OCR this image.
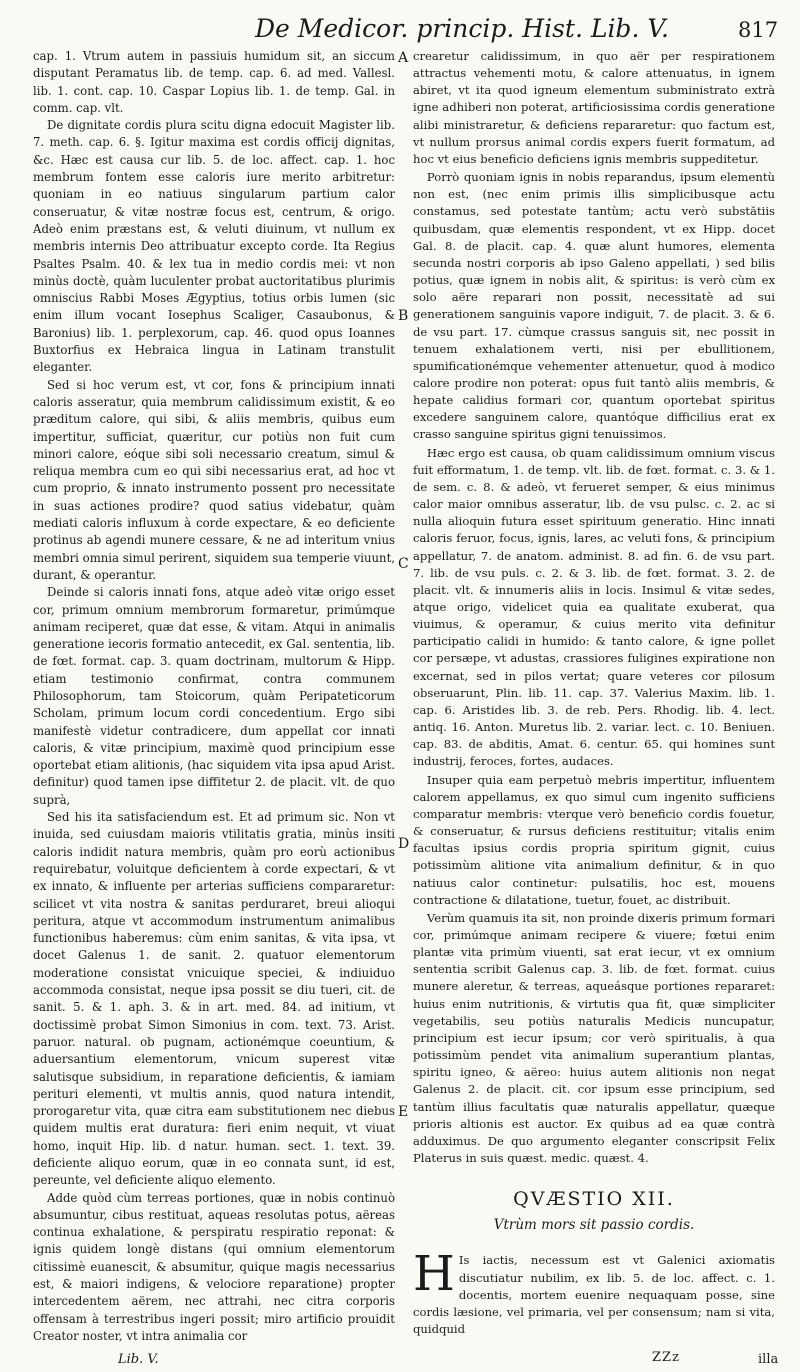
De Medicor. princip. Hist. Lib. V.	817

cap. 1. Vtrum autem in passiuis humidum sit, an siccum disputant Peramatus lib. de temp. cap. 6. ad med. Vallesl. lib. 1. cont. cap. 10. Caspar Lopius lib. 1. de temp. Gal. in comm. cap. vlt.

De dignitate cordis plura scitu digna edocuit Magister lib. 7. meth. cap. 6. §. Igitur maxima est cordis officij dignitas, &c. Hæc est causa cur lib. 5. de loc. affect. cap. 1. hoc membrum fontem esse caloris iure merito arbitretur: quoniam in eo natiuus singularum partium calor conseruatur, & vitæ nostræ focus est, centrum, & origo. Adeò enim præstans est, & veluti diuinum, vt nullum ex membris internis Deo attribuatur excepto corde. Ita Regius Psaltes Psalm. 40. & lex tua in medio cordis mei: vt non minùs doctè, quàm luculenter probat auctoritatibus plurimis omniscius Rabbi Moses Ægyptius, totius orbis lumen (sic enim illum vocant Iosephus Scaliger, Casaubonus, & Baronius) lib. 1. perplexorum, cap. 46. quod opus Ioannes Buxtorfius ex Hebraica lingua in Latinam transtulit eleganter.

Sed si hoc verum est, vt cor, fons & principium innati caloris asseratur, quia membrum calidissimum existit, & eo præditum calore, qui sibi, & aliis membris, quibus eum impertitur, sufficiat, quæritur, cur potiùs non fuit cum minori calore, eóque sibi soli necessario creatum, simul & reliqua membra cum eo qui sibi necessarius erat, ad hoc vt cum proprio, & innato instrumento possent pro necessitate in suas actiones prodire? quod satius videbatur, quàm mediati caloris influxum à corde expectare, & eo deficiente protinus ab agendi munere cessare, & ne ad interitum vnius membri omnia simul perirent, siquidem sua temperie viuunt, durant, & operantur.

Deinde si caloris innati fons, atque adeò vitæ origo esset cor, primum omnium membrorum formaretur, primúmque animam reciperet, quæ dat esse, & vitam. Atqui in animalis generatione iecoris formatio antecedit, ex Gal. sententia, lib. de fœt. format. cap. 3. quam doctrinam, multorum & Hipp. etiam testimonio confirmat, contra communem Philosophorum, tam Stoicorum, quàm Peripateticorum Scholam, primum locum cordi concedentium. Ergo sibi manifestè videtur contradicere, dum appellat cor innati caloris, & vitæ principium, maximè quod principium esse oportebat etiam alitionis, (hac siquidem vita ipsa apud Arist. definitur) quod tamen ipse diffitetur 2. de placit. vlt. de quo suprà,

Sed his ita satisfaciendum est. Et ad primum sic. Non vt inuida, sed cuiusdam maioris vtilitatis gratia, minùs insiti caloris indidit natura membris, quàm pro eorù actionibus requirebatur, voluitque deficientem à corde expectari, & vt ex innato, & influente per arterias sufficiens compararetur: scilicet vt vita nostra & sanitas perduraret, breui alioqui peritura, atque vt accommodum instrumentum animalibus functionibus haberemus: cùm enim sanitas, & vita ipsa, vt docet Galenus 1. de sanit. 2. quatuor elementorum moderatione consistat vnicuique speciei, & indiuiduo accommoda consistat, neque ipsa possit se diu tueri, cit. de sanit. 5. & 1. aph. 3. & in art. med. 84. ad initium, vt doctissimè probat Simon Simonius in com. text. 73. Arist. paruor. natural. ob pugnam, actionémque coeuntium, & aduersantium elementorum, vnicum superest vitæ salutisque subsidium, in reparatione deficientis, & iamiam perituri elementi, vt multis annis, quod natura intendit, prorogaretur vita, quæ citra eam substitutionem nec diebus quidem multis erat duratura: fieri enim nequit, vt viuat homo, inquit Hip. lib. d natur. human. sect. 1. text. 39. deficiente aliquo eorum, quæ in eo connata sunt, id est, pereunte, vel deficiente aliquo elemento.

Adde quòd cùm terreas portiones, quæ in nobis continuò absumuntur, cibus restituat, aqueas resolutas potus, aëreas continua exhalatione, & perspiratu respiratio reponat: & ignis quidem longè distans (qui omnium elementorum citissimè euanescit, & absumitur, quique magis necessarius est, & maiori indigens, & velociore reparatione) propter intercedentem aërem, nec attrahi, nec citra corporis offensam à terrestribus ingeri possit; miro artificio prouidit Creator noster, vt intra animalia cor

A
B
C
D
E

crearetur calidissimum, in quo aër per respirationem attractus vehementi motu, & calore attenuatus, in ignem abiret, vt ita quod igneum elementum subministrato extrà igne adhiberi non poterat, artificiosissima cordis generatione alibi ministraretur, & deficiens repararetur: quo factum est, vt nullum prorsus animal cordis expers fuerit formatum, ad hoc vt eius beneficio deficiens ignis membris suppeditetur.

Porrò quoniam ignis in nobis reparandus, ipsum elementù non est, (nec enim primis illis simplicibusque actu constamus, sed potestate tantùm; actu verò substătiis quibusdam, quæ elementis respondent, vt ex Hipp. docet Gal. 8. de placit. cap. 4. quæ alunt humores, elementa secunda nostri corporis ab ipso Galeno appellati, ) sed bilis potius, quæ ignem in nobis alit, & spiritus: is verò cùm ex solo aëre reparari non possit, necessitatè ad sui generationem sanguinis vapore indiguit, 7. de placit. 3. & 6. de vsu part. 17. cùmque crassus sanguis sit, nec possit in tenuem exhalationem verti, nisi per ebullitionem, spumificationémque vehementer attenuetur, quod à modico calore prodire non poterat: opus fuit tantò aliis membris, & hepate calidius formari cor, quantum oportebat spiritus excedere sanguinem calore, quantóque difficilius erat ex crasso sanguine spiritus gigni tenuissimos.

Hæc ergo est causa, ob quam calidissimum omnium viscus fuit efformatum, 1. de temp. vlt. lib. de fœt. format. c. 3. & 1. de sem. c. 8. & adeò, vt ferueret semper, & eius minimus calor maior omnibus asseratur, lib. de vsu pulsc. c. 2. ac si nulla alioquin futura esset spirituum generatio. Hinc innati caloris feruor, focus, ignis, lares, ac veluti fons, & principium appellatur, 7. de anatom. administ. 8. ad fin. 6. de vsu part. 7. lib. de vsu puls. c. 2. & 3. lib. de fœt. format. 3. 2. de placit. vlt. & innumeris aliis in locis. Insimul & vitæ sedes, atque origo, videlicet quia ea qualitate exuberat, qua viuimus, & operamur, & cuius merito vita definitur participatio calidi in humido: & tanto calore, & igne pollet cor persæpe, vt adustas, crassiores fuligines expiratione non excernat, sed in pilos vertat; quare veteres cor pilosum obseruarunt, Plin. lib. 11. cap. 37. Valerius Maxim. lib. 1. cap. 6. Aristides lib. 3. de reb. Pers. Rhodig. lib. 4. lect. antiq. 16. Anton. Muretus lib. 2. variar. lect. c. 10. Beniuen. cap. 83. de abditis, Amat. 6. centur. 65. qui homines sunt industrij, feroces, fortes, audaces.

Insuper quia eam perpetuò mebris impertitur, influentem calorem appellamus, ex quo simul cum ingenito sufficiens comparatur membris: vterque verò beneficio cordis fouetur, & conseruatur, & rursus deficiens restituitur; vitalis enim facultas ipsius cordis propria spiritum gignit, cuius potissimùm alitione vita animalium definitur, & in quo natiuus calor continetur: pulsatilis, hoc est, mouens contractione & dilatatione, tuetur, fouet, ac distribuit.

Verùm quamuis ita sit, non proinde dixeris primum formari cor, primúmque animam recipere & viuere; fœtui enim plantæ vita primùm viuenti, sat erat iecur, vt ex omnium sententia scribit Galenus cap. 3. lib. de fœt. format. cuius munere aleretur, & terreas, aqueásque portiones repararet: huius enim nutritionis, & virtutis qua fit, quæ simpliciter vegetabilis, seu potiùs naturalis Medicis nuncupatur, principium est iecur ipsum; cor verò spiritualis, à qua potissimùm pendet vita animalium superantium plantas, spiritu igneo, & aëreo: huius autem alitionis non negat Galenus 2. de placit. cit. cor ipsum esse principium, sed tantùm illius facultatis quæ naturalis appellatur, quæque prioris altionis est auctor. Ex quibus ad ea quæ contrà adduximus. De quo argumento eleganter conscripsit Felix Platerus in suis quæst. medic. quæst. 4.

QVÆSTIO XII.
Vtrùm mors sit passio cordis.

H Is iactis, necessum est vt Galenici axiomatis discutiatur nubilim, ex lib. 5. de loc. affect. c. 1. docentis, mortem euenire nequaquam posse, sine cordis læsione, vel primaria, vel per consensum; nam si vita, quidquid

Lib. V.	ZZz	illa
